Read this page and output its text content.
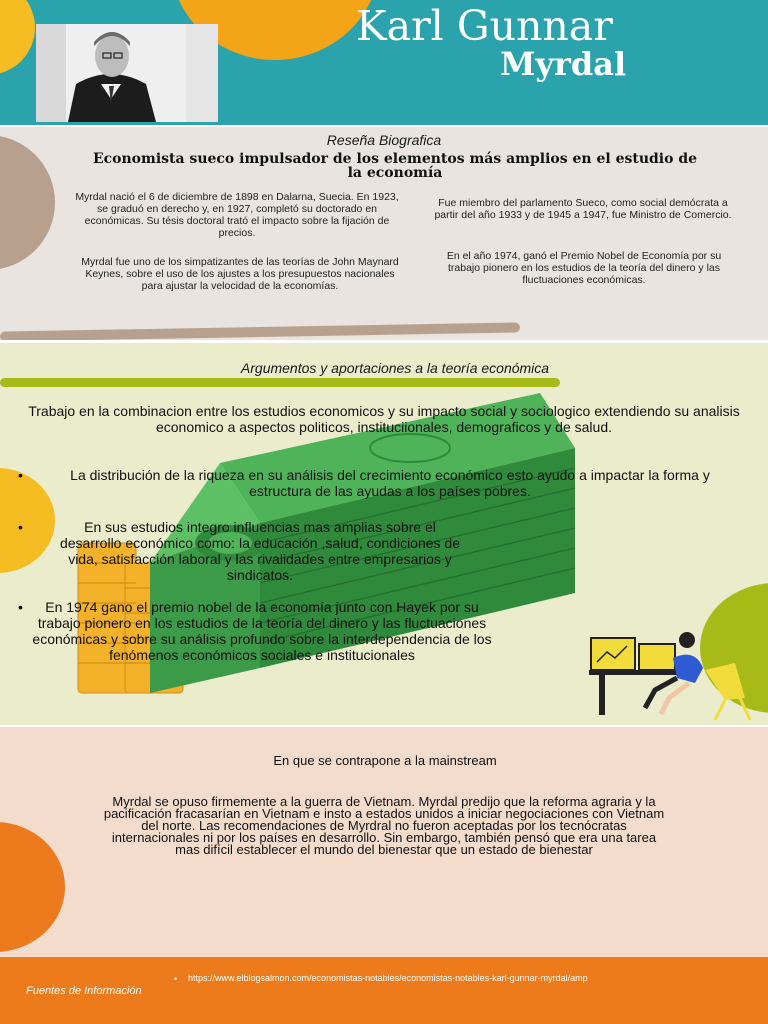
Karl Gunnar
Myrdal
Reseña Biografica
Economista sueco impulsador de los elementos más amplios en el estudio de la economía
Myrdal nació el 6 de diciembre de 1898 en Dalarna, Suecia. En 1923, se graduó en derecho y, en 1927, completó su doctorado en económicas. Su tésis doctoral trató el impacto sobre la fijación de precios.
Myrdal fue uno de los simpatizantes de las teorías de John Maynard Keynes, sobre el uso de los ajustes a los presupuestos nacionales para ajustar la velocidad de la economías.
Fue miembro del parlamento Sueco, como social demócrata a partir del año 1933 y de 1945 a 1947, fue Ministro de Comercio.
En el año 1974, ganó el Premio Nobel de Economía por su trabajo pionero en los estudios de la teoría del dinero y las fluctuaciones económicas.
Argumentos y aportaciones a la teoría económica
Trabajo en la combinacion entre los estudios economicos y su impacto social y sociologico extendiendo su analisis economico a aspectos politicos, instituciionales, demograficos y de salud.
•	La distribución de la riqueza en su análisis del crecimiento económico esto ayudo a impactar la forma y estructura de las ayudas a los países pobres.
•	En sus estudios integro influencias mas amplias sobre el desarrollo económico como: la educación ,salud, condiciones de vida, satisfacción laboral y las rivalidades entre empresarios y sindicatos.
•	En 1974 gano el premio nobel de la economía junto con Hayek por su trabajo pionero en los estudios de la teoría del dinero y las fluctuaciones económicas y sobre su análisis profundo sobre la interdependencia de los fenómenos económicos sociales e institucionales
En que se contrapone a la mainstream
Myrdal se opuso firmemente a la guerra de Vietnam. Myrdal predijo que la reforma agraria y la pacificación fracasarían en Vietnam e insto a estados unidos a iniciar negociaciones con Vietnam del norte. Las recomendaciones de Myrdral no fueron aceptadas por los tecnócratas internacionales ni por los países en desarrollo. Sin embargo, también pensó que era una tarea mas difícil establecer el mundo del bienestar que un estado de bienestar
Fuentes de Información
• https://www.elblogsalmon.com/economistas-notables/economistas-notables-karl-gunnar-myrdal/amp
